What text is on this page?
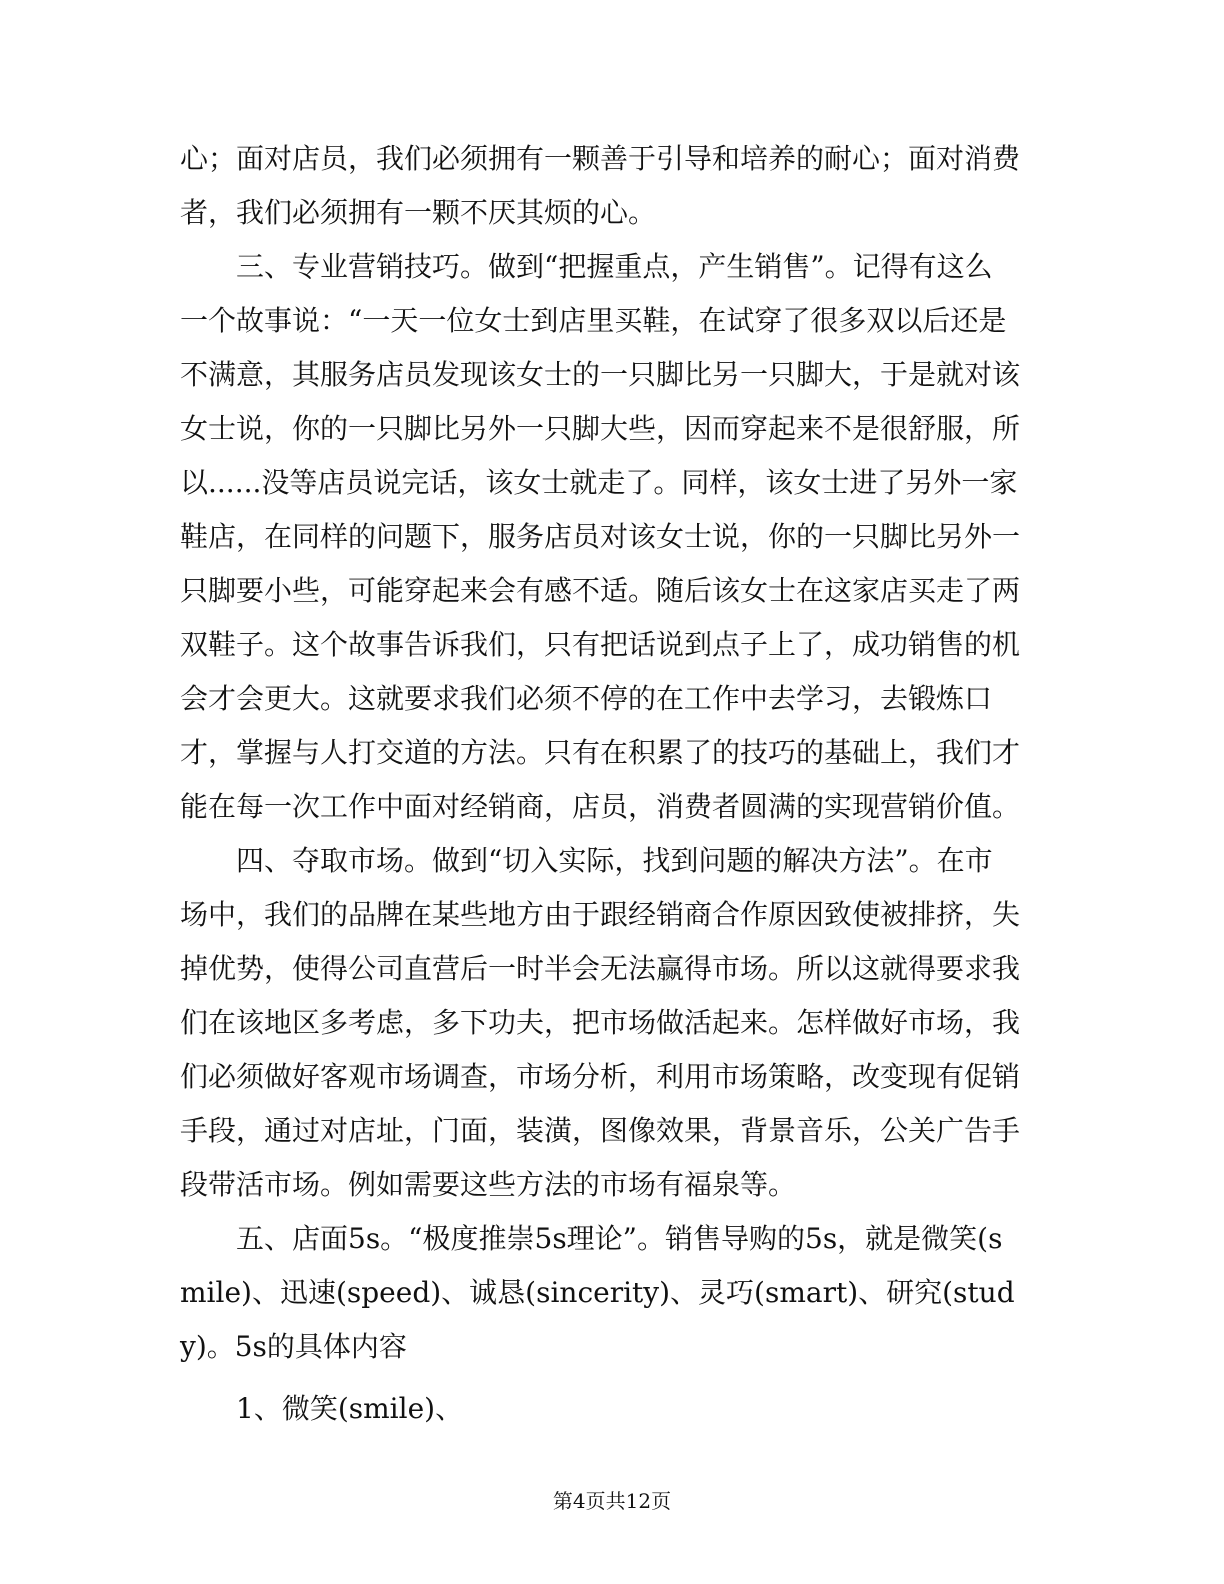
心；面对店员，我们必须拥有一颗善于引导和培养的耐心；面对消费者，我们必须拥有一颗不厌其烦的心。

三、专业营销技巧。做到“把握重点，产生销售”。记得有这么一个故事说：“一天一位女士到店里买鞋，在试穿了很多双以后还是不满意，其服务店员发现该女士的一只脚比另一只脚大，于是就对该女士说，你的一只脚比另外一只脚大些，因而穿起来不是很舒服，所以......没等店员说完话，该女士就走了。同样，该女士进了另外一家鞋店，在同样的问题下，服务店员对该女士说，你的一只脚比另外一只脚要小些，可能穿起来会有感不适。随后该女士在这家店买走了两双鞋子。这个故事告诉我们，只有把话说到点子上了，成功销售的机会才会更大。这就要求我们必须不停的在工作中去学习，去锻炼口才，掌握与人打交道的方法。只有在积累了的技巧的基础上，我们才能在每一次工作中面对经销商，店员，消费者圆满的实现营销价值。

四、夺取市场。做到“切入实际，找到问题的解决方法”。在市场中，我们的品牌在某些地方由于跟经销商合作原因致使被排挤，失掉优势，使得公司直营后一时半会无法赢得市场。所以这就得要求我们在该地区多考虑，多下功夫，把市场做活起来。怎样做好市场，我们必须做好客观市场调查，市场分析，利用市场策略，改变现有促销手段，通过对店址，门面，装潢，图像效果，背景音乐，公关广告手段带活市场。例如需要这些方法的市场有福泉等。

五、店面5s。“极度推崇5s理论”。销售导购的5s，就是微笑(smile)、迅速(speed)、诚恳(sincerity)、灵巧(smart)、研究(study)。5s的具体内容

1、微笑(smile)、

第4页共12页
